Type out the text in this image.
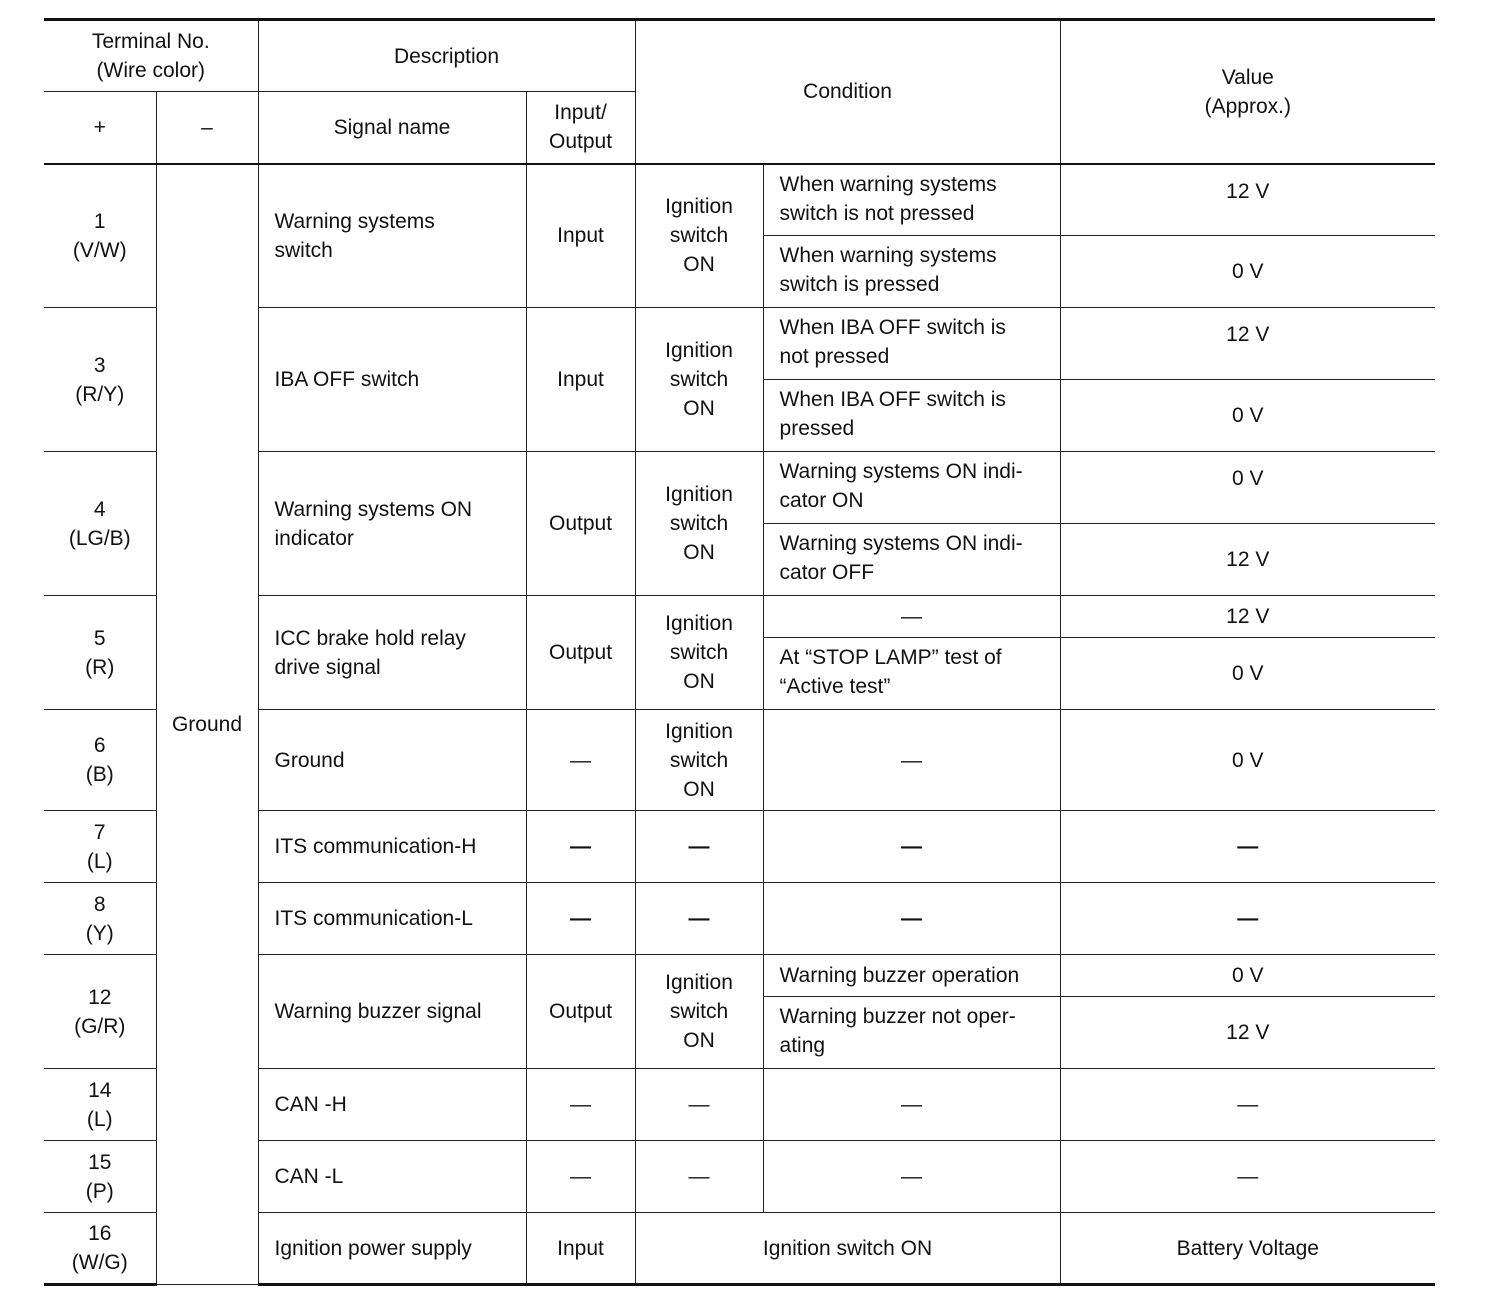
Terminal No.
(Wire color)		Description		Condition		Value
(Approx.)

+	–	Signal name	Input/
Output			

1
(V/W)	Ground	Warning systems
switch	Input	Ignition
switch
ON	When warning systems
switch is not pressed	12 V

					When warning systems
switch is pressed	0 V

3
(R/Y)		IBA OFF switch	Input	Ignition
switch
ON	When IBA OFF switch is
not pressed	12 V

					When IBA OFF switch is
pressed	0 V

4
(LG/B)		Warning systems ON
indicator	Output	Ignition
switch
ON	Warning systems ON indi-
cator ON	0 V

					Warning systems ON indi-
cator OFF	12 V

5
(R)		ICC brake hold relay
drive signal	Output	Ignition
switch
ON	—	12 V

					At “STOP LAMP” test of
“Active test”	0 V

6
(B)		Ground	—	Ignition
switch
ON	—	0 V

7
(L)		ITS communication-H	—	—	—	—

8
(Y)		ITS communication-L	—	—	—	—

12
(G/R)		Warning buzzer signal	Output	Ignition
switch
ON	Warning buzzer operation	0 V

					Warning buzzer not oper-
ating	12 V

14
(L)		CAN -H	—	—	—	—

15
(P)		CAN -L	—	—	—	—

16
(W/G)		Ignition power supply	Input	Ignition switch ON		Battery Voltage
